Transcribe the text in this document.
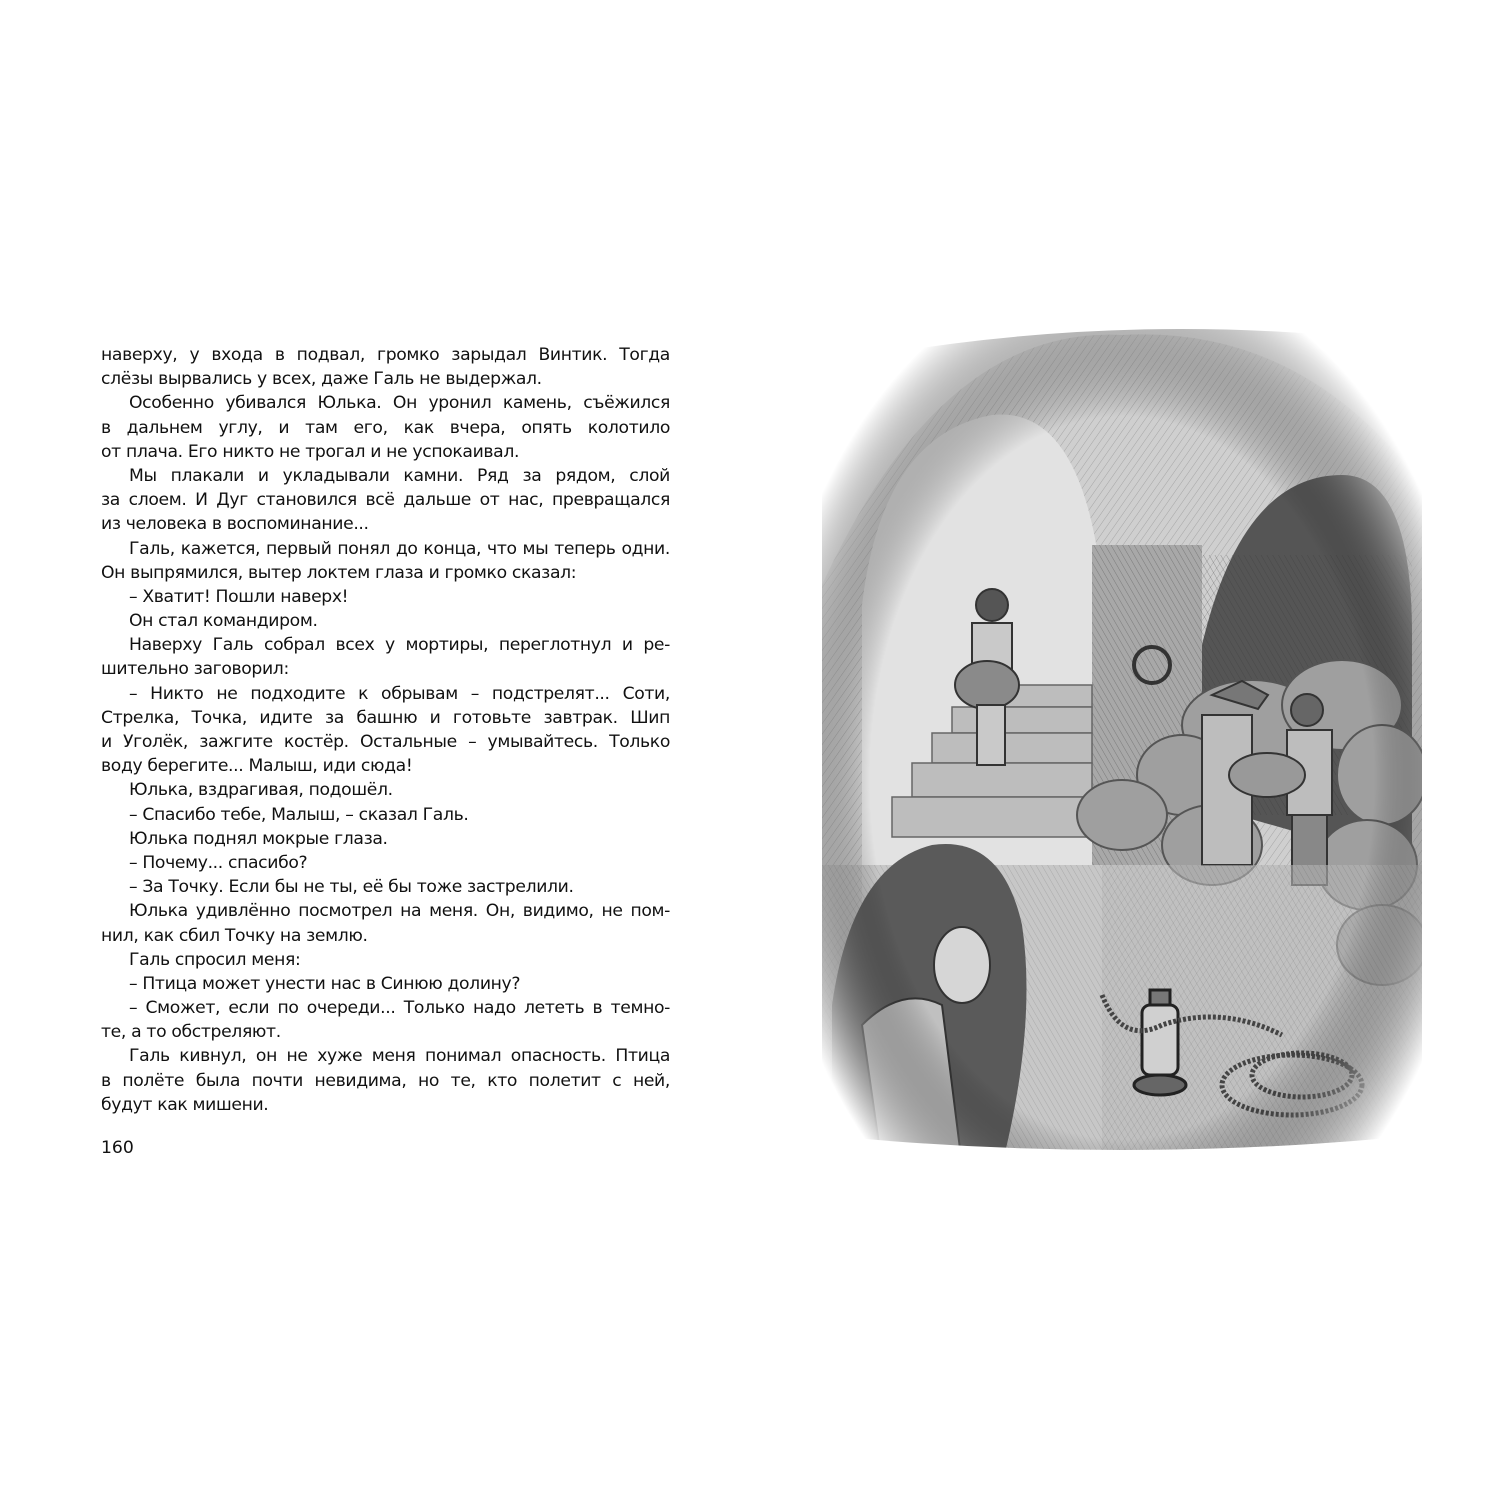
наверху, у входа в подвал, громко зарыдал Винтик. Тогда
слёзы вырвались у всех, даже Галь не выдержал.
Особенно убивался Юлька. Он уронил камень, съёжился
в дальнем углу, и там его, как вчера, опять колотило
от плача. Его никто не трогал и не успокаивал.
Мы плакали и укладывали камни. Ряд за рядом, слой
за слоем. И Дуг становился всё дальше от нас, превращался
из человека в воспоминание...
Галь, кажется, первый понял до конца, что мы теперь одни.
Он выпрямился, вытер локтем глаза и громко сказал:
– Хватит! Пошли наверх!
Он стал командиром.
Наверху Галь собрал всех у мортиры, переглотнул и ре-
шительно заговорил:
– Никто не подходите к обрывам – подстрелят... Соти,
Стрелка, Точка, идите за башню и готовьте завтрак. Шип
и Уголёк, зажгите костёр. Остальные – умывайтесь. Только
воду берегите... Малыш, иди сюда!
Юлька, вздрагивая, подошёл.
– Спасибо тебе, Малыш, – сказал Галь.
Юлька поднял мокрые глаза.
– Почему... спасибо?
– За Точку. Если бы не ты, её бы тоже застрелили.
Юлька удивлённо посмотрел на меня. Он, видимо, не пом-
нил, как сбил Точку на землю.
Галь спросил меня:
– Птица может унести нас в Синюю долину?
– Сможет, если по очереди... Только надо лететь в темно-
те, а то обстреляют.
Галь кивнул, он не хуже меня понимал опасность. Птица
в полёте была почти невидима, но те, кто полетит с ней,
будут как мишени.
160
